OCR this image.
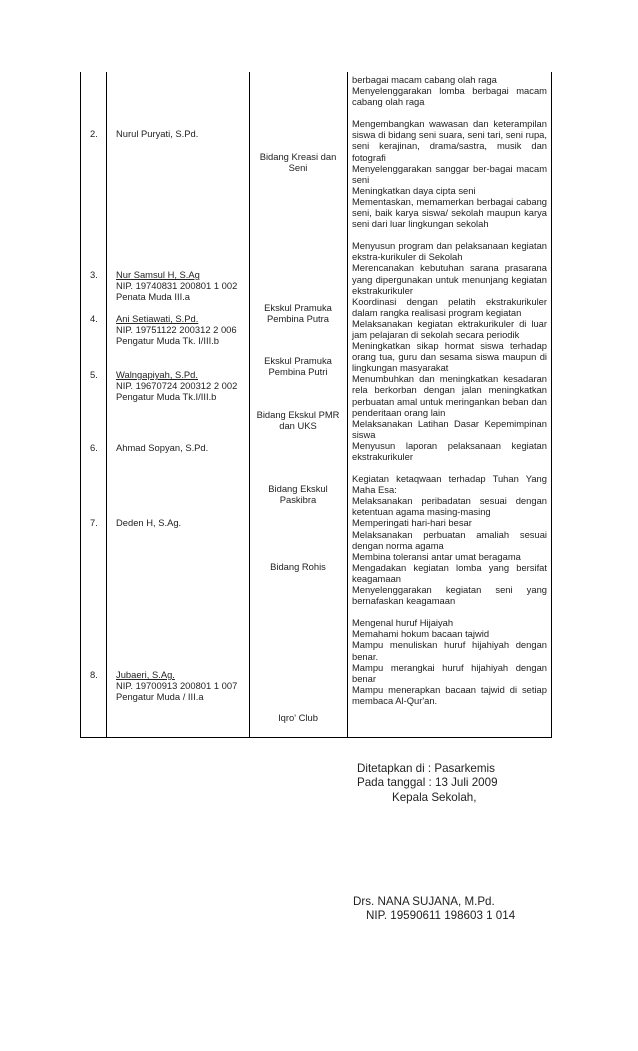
2.
3.
4.
5.
6.
7.
8.
Nurul Puryati, S.Pd.
Nur Samsul H, S.Ag
NIP. 19740831 200801 1 002
Penata Muda III.a
Ani Setiawati, S.Pd.
NIP. 19751122 200312 2 006
Pengatur Muda Tk. I/III.b
Walngapiyah, S.Pd.
NIP. 19670724 200312 2 002
Pengatur Muda Tk.I/III.b
Ahmad Sopyan, S.Pd.
Deden H, S.Ag.
Jubaeri, S.Ag.
NIP. 19700913 200801 1 007
Pengatur Muda / III.a
Bidang Kreasi dan Seni
Ekskul Pramuka Pembina Putra
Ekskul Pramuka Pembina Putri
Bidang Ekskul PMR dan UKS
Bidang Ekskul Paskibra
Bidang Rohis
Iqro' Club

berbagai macam cabang olah raga

Menyelenggarakan lomba berbagai macam cabang olah raga

Mengembangkan wawasan dan keterampilan siswa di bidang seni suara, seni tari, seni rupa, seni kerajinan, drama/sastra, musik dan fotografi

Menyelenggarakan sanggar ber-bagai macam seni

Meningkatkan daya cipta seni

Mementaskan, memamerkan berbagai cabang seni, baik karya siswa/ sekolah maupun karya seni dari luar lingkungan sekolah

Menyusun program dan pelaksanaan kegiatan ekstra-kurikuler di Sekolah

Merencanakan kebutuhan sarana prasarana yang dipergunakan untuk menunjang kegiatan ekstrakurikuler

Koordinasi dengan pelatih ekstrakurikuler dalam rangka realisasi program kegiatan

Melaksanakan kegiatan ektrakurikuler di luar jam pelajaran di sekolah secara periodik

Meningkatkan sikap hormat siswa terhadap orang tua, guru dan sesama siswa maupun di lingkungan masyarakat

Menumbuhkan dan meningkatkan kesadaran rela berkorban dengan jalan meningkatkan perbuatan amal untuk meringankan beban dan penderitaan orang lain

Melaksanakan Latihan Dasar Kepemimpinan siswa

Menyusun laporan pelaksanaan kegiatan ekstrakurikuler

Kegiatan ketaqwaan terhadap Tuhan Yang Maha Esa:

Melaksanakan peribadatan sesuai dengan ketentuan agama masing-masing

Memperingati hari-hari besar

Melaksanakan perbuatan amaliah sesuai dengan norma agama

Membina toleransi antar umat beragama

Mengadakan kegiatan lomba yang bersifat keagamaan

Menyelenggarakan kegiatan seni yang bernafaskan keagamaan

Mengenal huruf Hijaiyah

Memahami hokum bacaan tajwid

Mampu menuliskan huruf hijahiyah dengan benar.

Mampu merangkai huruf hijahiyah dengan benar

Mampu menerapkan bacaan tajwid di setiap membaca Al-Qur'an.

Ditetapkan di : Pasarkemis
Pada tanggal : 13 Juli 2009
Kepala Sekolah,
Drs. NANA SUJANA, M.Pd.
NIP. 19590611 198603 1 014
